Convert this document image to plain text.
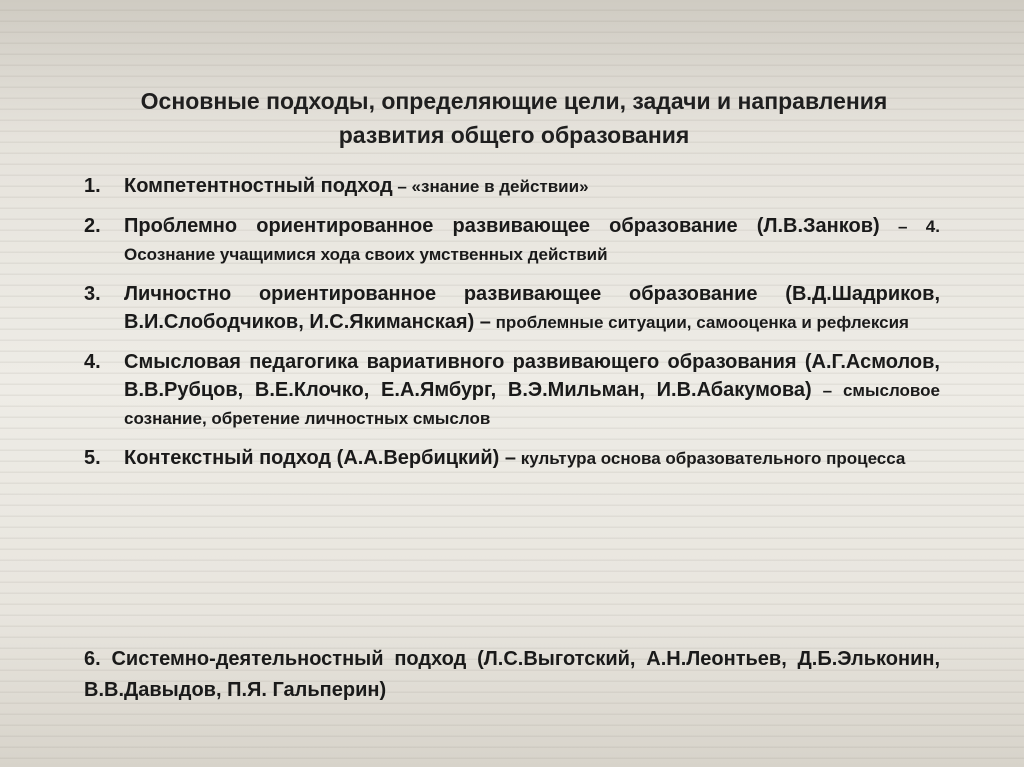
Основные подходы, определяющие цели, задачи и направления развития общего образования
1.	Компетентностный подход – «знание в действии»
2.	Проблемно ориентированное развивающее образование (Л.В.Занков) – 4. Осознание учащимися хода своих умственных действий
3.	Личностно ориентированное развивающее образование (В.Д.Шадриков, В.И.Слободчиков, И.С.Якиманская) – проблемные ситуации, самооценка и рефлексия
4.	Смысловая педагогика вариативного развивающего образования (А.Г.Асмолов, В.В.Рубцов, В.Е.Клочко, Е.А.Ямбург, В.Э.Мильман, И.В.Абакумова) – смысловое сознание, обретение личностных смыслов
5.	Контекстный подход (А.А.Вербицкий) – культура основа образовательного процесса
6. Системно-деятельностный подход (Л.С.Выготский, А.Н.Леонтьев, Д.Б.Эльконин, В.В.Давыдов, П.Я. Гальперин)
